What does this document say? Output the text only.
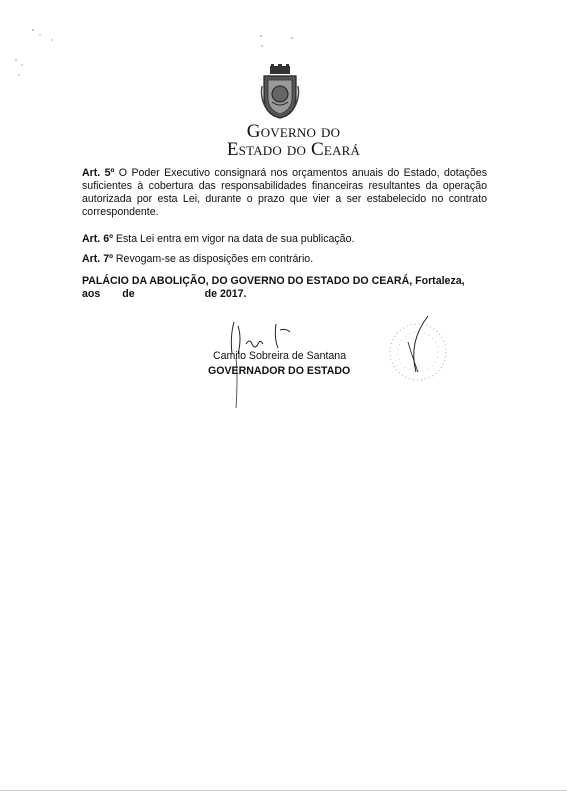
Governo do
Estado do Ceará
Art. 5º O Poder Executivo consignará nos orçamentos anuais do Estado, dotações suficientes à cobertura das responsabilidades financeiras resultantes da operação autorizada por esta Lei, durante o prazo que vier a ser estabelecido no contrato correspondente.
Art. 6º Esta Lei entra em vigor na data de sua publicação.
Art. 7º Revogam-se as disposições em contrário.
PALÁCIO DA ABOLIÇÃO, DO GOVERNO DO ESTADO DO CEARÁ, Fortaleza,
aos de	de 2017.
Camilo Sobreira de Santana
GOVERNADOR DO ESTADO
